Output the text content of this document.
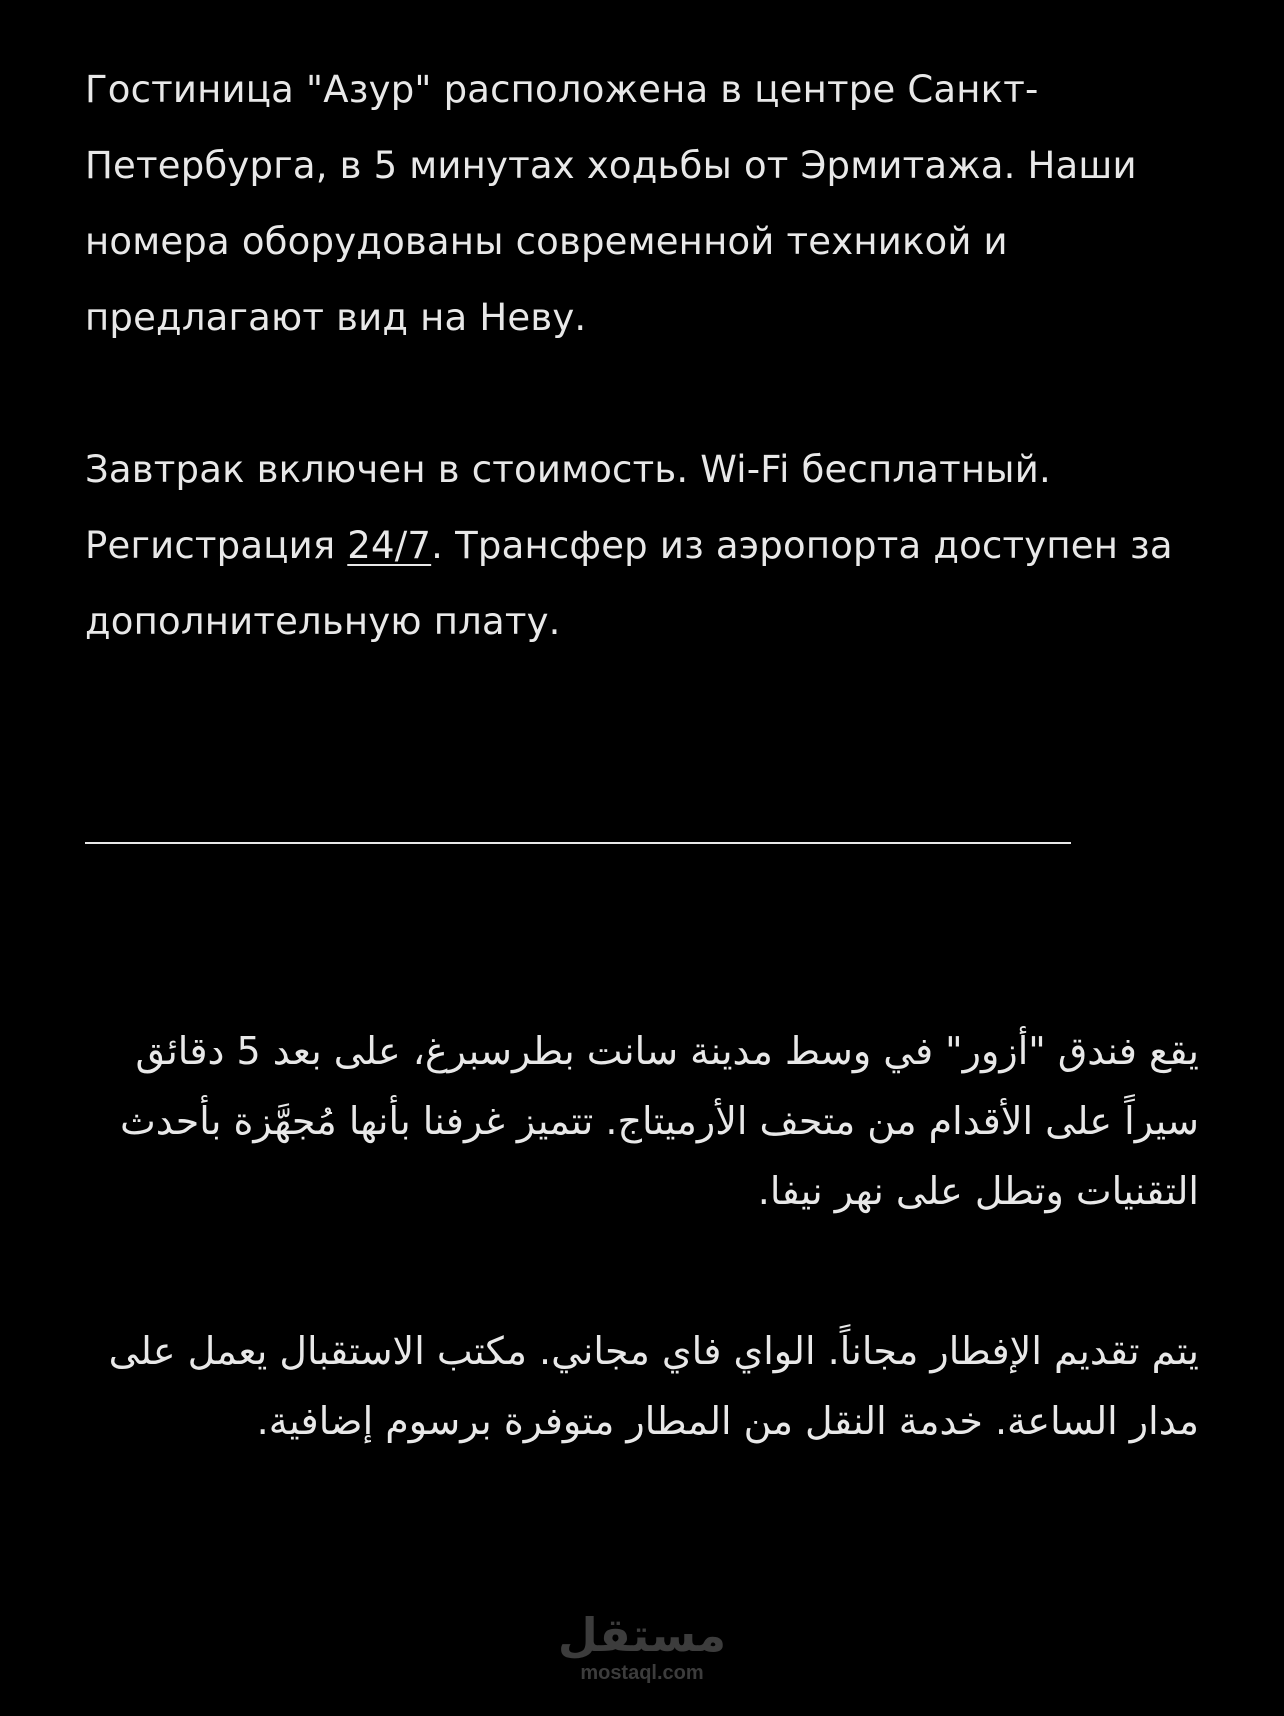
Гостиница "Азур" расположена в центре Санкт-Петербурга, в 5 минутах ходьбы от Эрмитажа. Наши номера оборудованы современной техникой и предлагают вид на Неву.

Завтрак включен в стоимость. Wi-Fi бесплатный. Регистрация 24/7. Трансфер из аэропорта доступен за дополнительную плату.

يقع فندق "أزور" في وسط مدينة سانت بطرسبرغ، على بعد 5 دقائق سيراً على الأقدام من متحف الأرميتاج. تتميز غرفنا بأنها مُجهَّزة بأحدث التقنيات وتطل على نهر نيفا.

يتم تقديم الإفطار مجاناً. الواي فاي مجاني. مكتب الاستقبال يعمل على مدار الساعة. خدمة النقل من المطار متوفرة برسوم إضافية.

مستقل
mostaql.com
